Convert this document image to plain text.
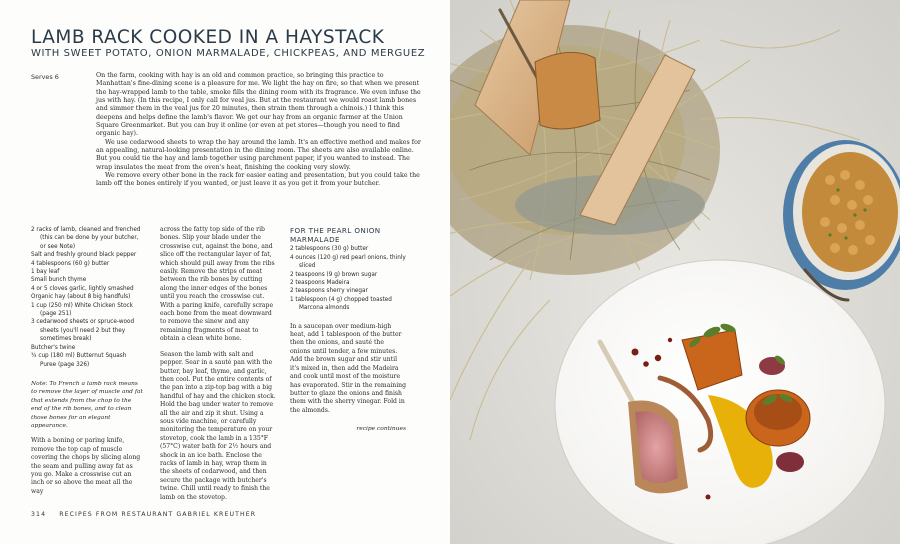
LAMB RACK COOKED IN A HAYSTACK
WITH SWEET POTATO, ONION MARMALADE, CHICKPEAS, AND MERGUEZ
Serves 6	On the farm, cooking with hay is an old and common practice, so bringing this practice to Manhattan's fine-dining scene is a pleasure for me. We light the hay on fire, so that when we present the hay-wrapped lamb to the table, smoke fills the dining room with its fragrance. We even infuse the jus with hay. (In this recipe, I only call for veal jus. But at the restaurant we would roast lamb bones and simmer them in the veal jus for 20 minutes, then strain them through a chinois.) I think this deepens and helps define the lamb's flavor. We get our hay from an organic farmer at the Union Square Greenmarket. But you can buy it online (or even at pet stores—though you need to find organic hay).

We use cedarwood sheets to wrap the hay around the lamb. It's an effective method and makes for an appealing, natural-looking presentation in the dining room. The sheets are also available online. But you could tie the hay and lamb together using parchment paper, if you wanted to instead. The wrap insulates the meat from the oven's heat, finishing the cooking very slowly.

We remove every other bone in the rack for easier eating and presentation, but you could take the lamb off the bones entirely if you wanted, or just leave it as you get it from your butcher.

2 racks of lamb, cleaned and frenched (this can be done by your butcher, or see Note)
Salt and freshly ground black pepper
4 tablespoons (60 g) butter
1 bay leaf
Small bunch thyme
4 or 5 cloves garlic, lightly smashed
Organic hay (about 8 big handfuls)
1 cup (250 ml) White Chicken Stock (page 251)
3 cedarwood sheets or spruce-wood sheets (you'll need 2 but they sometimes break)
Butcher's twine
¾ cup (180 ml) Butternut Squash Puree (page 326)

Note: To French a lamb rack means to remove the layer of muscle and fat that extends from the chop to the end of the rib bones, and to clean those bones for an elegant appearance.

With a boning or paring knife, remove the top cap of muscle covering the chops by slicing along the seam and pulling away fat as you go. Make a crosswise cut an inch or so above the meat all the way

across the fatty top side of the rib bones. Slip your blade under the crosswise cut, against the bone, and slice off the rectangular layer of fat, which should pull away from the ribs easily. Remove the strips of meat between the rib bones by cutting along the inner edges of the bones until you reach the crosswise cut. With a paring knife, carefully scrape each bone from the meat downward to remove the sinew and any remaining fragments of meat to obtain a clean white bone.

Season the lamb with salt and pepper. Sear in a sauté pan with the butter, bay leaf, thyme, and garlic, then cool. Put the entire contents of the pan into a zip-top bag with a big handful of hay and the chicken stock. Hold the bag under water to remove all the air and zip it shut. Using a sous vide machine, or carefully monitoring the temperature on your stovetop, cook the lamb in a 135°F (57°C) water bath for 2½ hours and shock in an ice bath. Enclose the racks of lamb in hay, wrap them in the sheets of cedarwood, and then secure the package with butcher's twine. Chill until ready to finish the lamb on the stovetop.

FOR THE PEARL ONION MARMALADE
2 tablespoons (30 g) butter
4 ounces (120 g) red pearl onions, thinly sliced
2 teaspoons (9 g) brown sugar
2 teaspoons Madeira
2 teaspoons sherry vinegar
1 tablespoon (4 g) chopped toasted Marcona almonds

In a saucepan over medium-high heat, add 1 tablespoon of the butter then the onions, and sauté the onions until tender, a few minutes. Add the brown sugar and stir until it's mixed in, then add the Madeira and cook until most of the moisture has evaporated. Stir in the remaining butter to glaze the onions and finish them with the sherry vinegar. Fold in the almonds.

recipe continues
314 RECIPES FROM RESTAURANT GABRIEL KREUTHER
